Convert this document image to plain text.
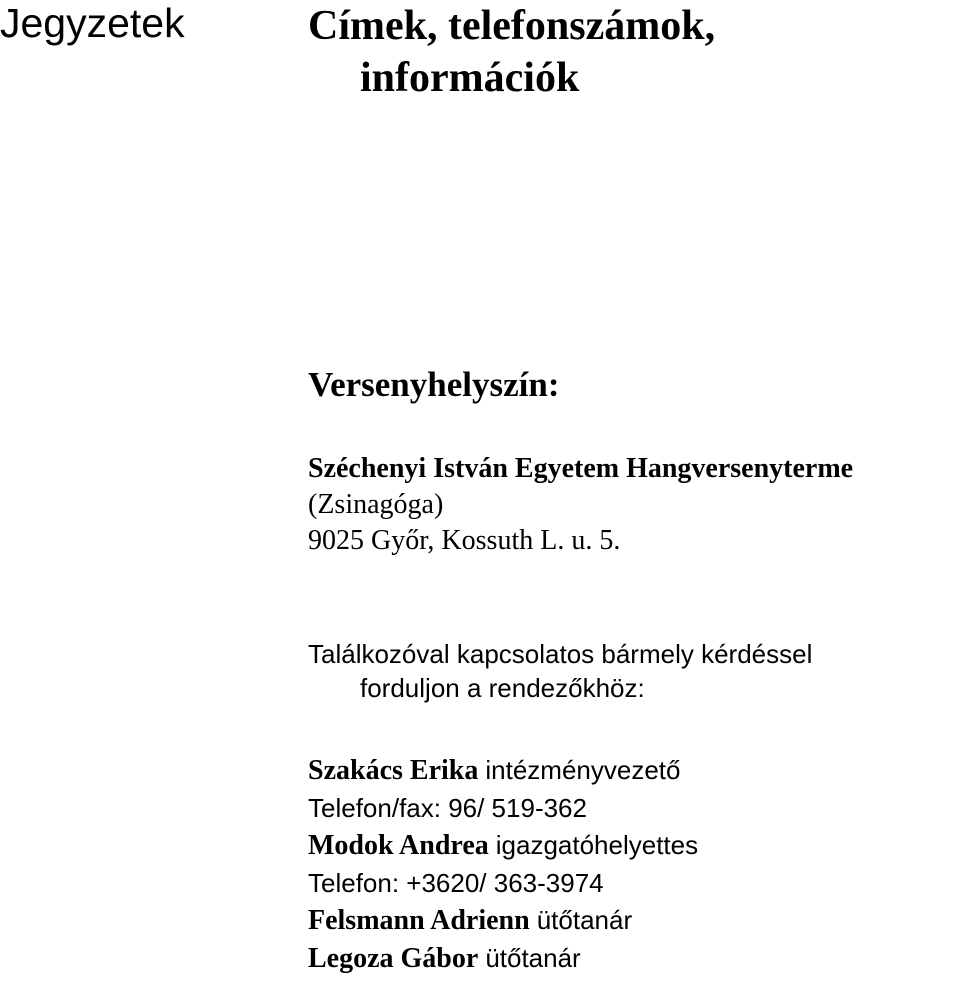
Jegyzetek	Címek, telefonszámok,
információk
Versenyhelyszín:
Széchenyi István Egyetem Hangversenyterme
(Zsinagóga)
9025 Győr, Kossuth L. u. 5.
Találkozóval kapcsolatos bármely kérdéssel
forduljon a rendezőkhöz:
Szakács Erika intézményvezető
Telefon/fax: 96/ 519-362
Modok Andrea igazgatóhelyettes
Telefon: +3620/ 363-3974
Felsmann Adrienn ütőtanár
Legoza Gábor ütőtanár
